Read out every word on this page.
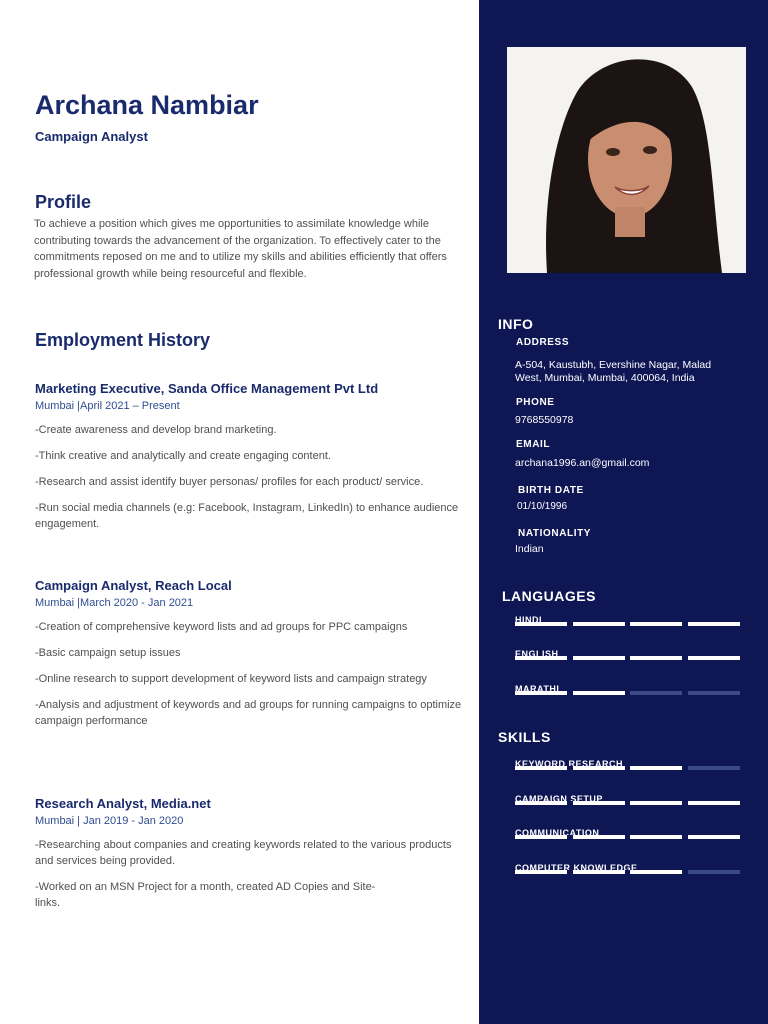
Archana Nambiar
Campaign Analyst
Profile
To achieve a position which gives me opportunities to assimilate knowledge while contributing towards the advancement of the organization. To effectively cater to the commitments reposed on me and to utilize my skills and abilities efficiently that offers professional growth while being resourceful and flexible.
Employment History
Marketing Executive, Sanda Office Management Pvt Ltd
Mumbai |April 2021 – Present
-Create awareness and develop brand marketing.
-Think creative and analytically and create engaging content.
-Research and assist identify buyer personas/ profiles for each product/ service.
-Run social media channels (e.g: Facebook, Instagram, LinkedIn) to enhance audience engagement.
Campaign Analyst, Reach Local
Mumbai |March 2020 - Jan 2021
-Creation of comprehensive keyword lists and ad groups for PPC campaigns
-Basic campaign setup issues
-Online research to support development of keyword lists and campaign strategy
-Analysis and adjustment of keywords and ad groups for running campaigns to optimize campaign performance
Research Analyst, Media.net
Mumbai | Jan 2019 - Jan 2020
-Researching about companies and creating keywords related to the various products and services being provided.
-Worked on an MSN Project for a month, created AD Copies and Site-links.
INFO
ADDRESS
A-504, Kaustubh, Evershine Nagar, Malad
West, Mumbai, Mumbai, 400064, India
PHONE
9768550978
EMAIL
archana1996.an@gmail.com
BIRTH DATE
01/10/1996
NATIONALITY
Indian
LANGUAGES
HINDI
ENGLISH
MARATHI
SKILLS
KEYWORD RESEARCH
CAMPAIGN SETUP
COMMUNICATION
COMPUTER KNOWLEDGE
